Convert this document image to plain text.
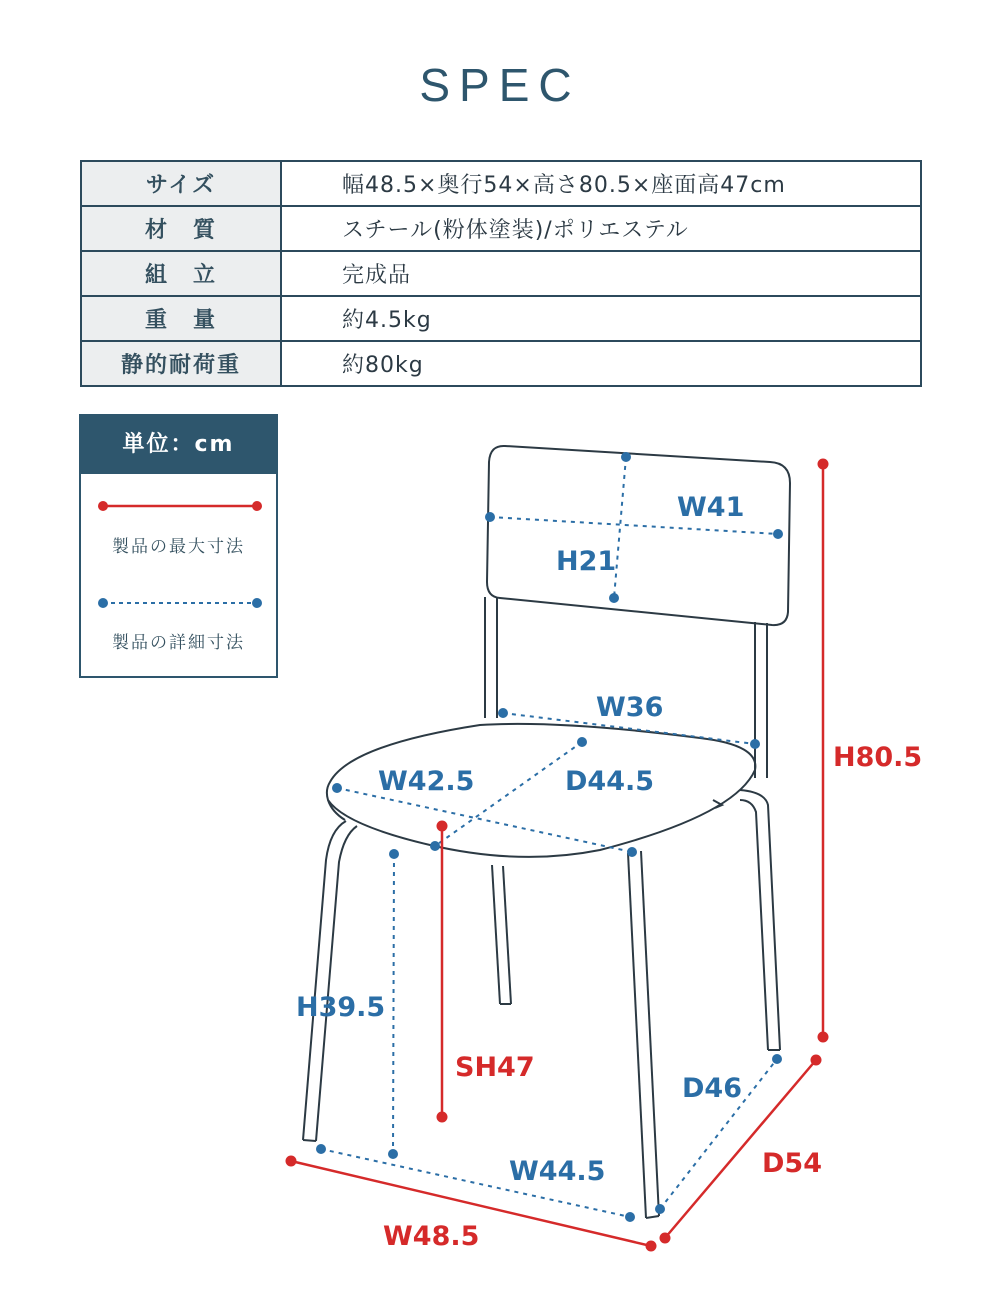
SPEC
サイズ	幅48.5×奥行54×高さ80.5×座面高47cm
材　質	スチール(粉体塗装)/ポリエステル
組　立	完成品
重　量	約4.5kg
静的耐荷重	約80kg
単位：cm
製品の最大寸法
製品の詳細寸法
W41
H21
W36
W42.5	D44.5
H80.5
H39.5
SH47
D46
W44.5	D54
W48.5
